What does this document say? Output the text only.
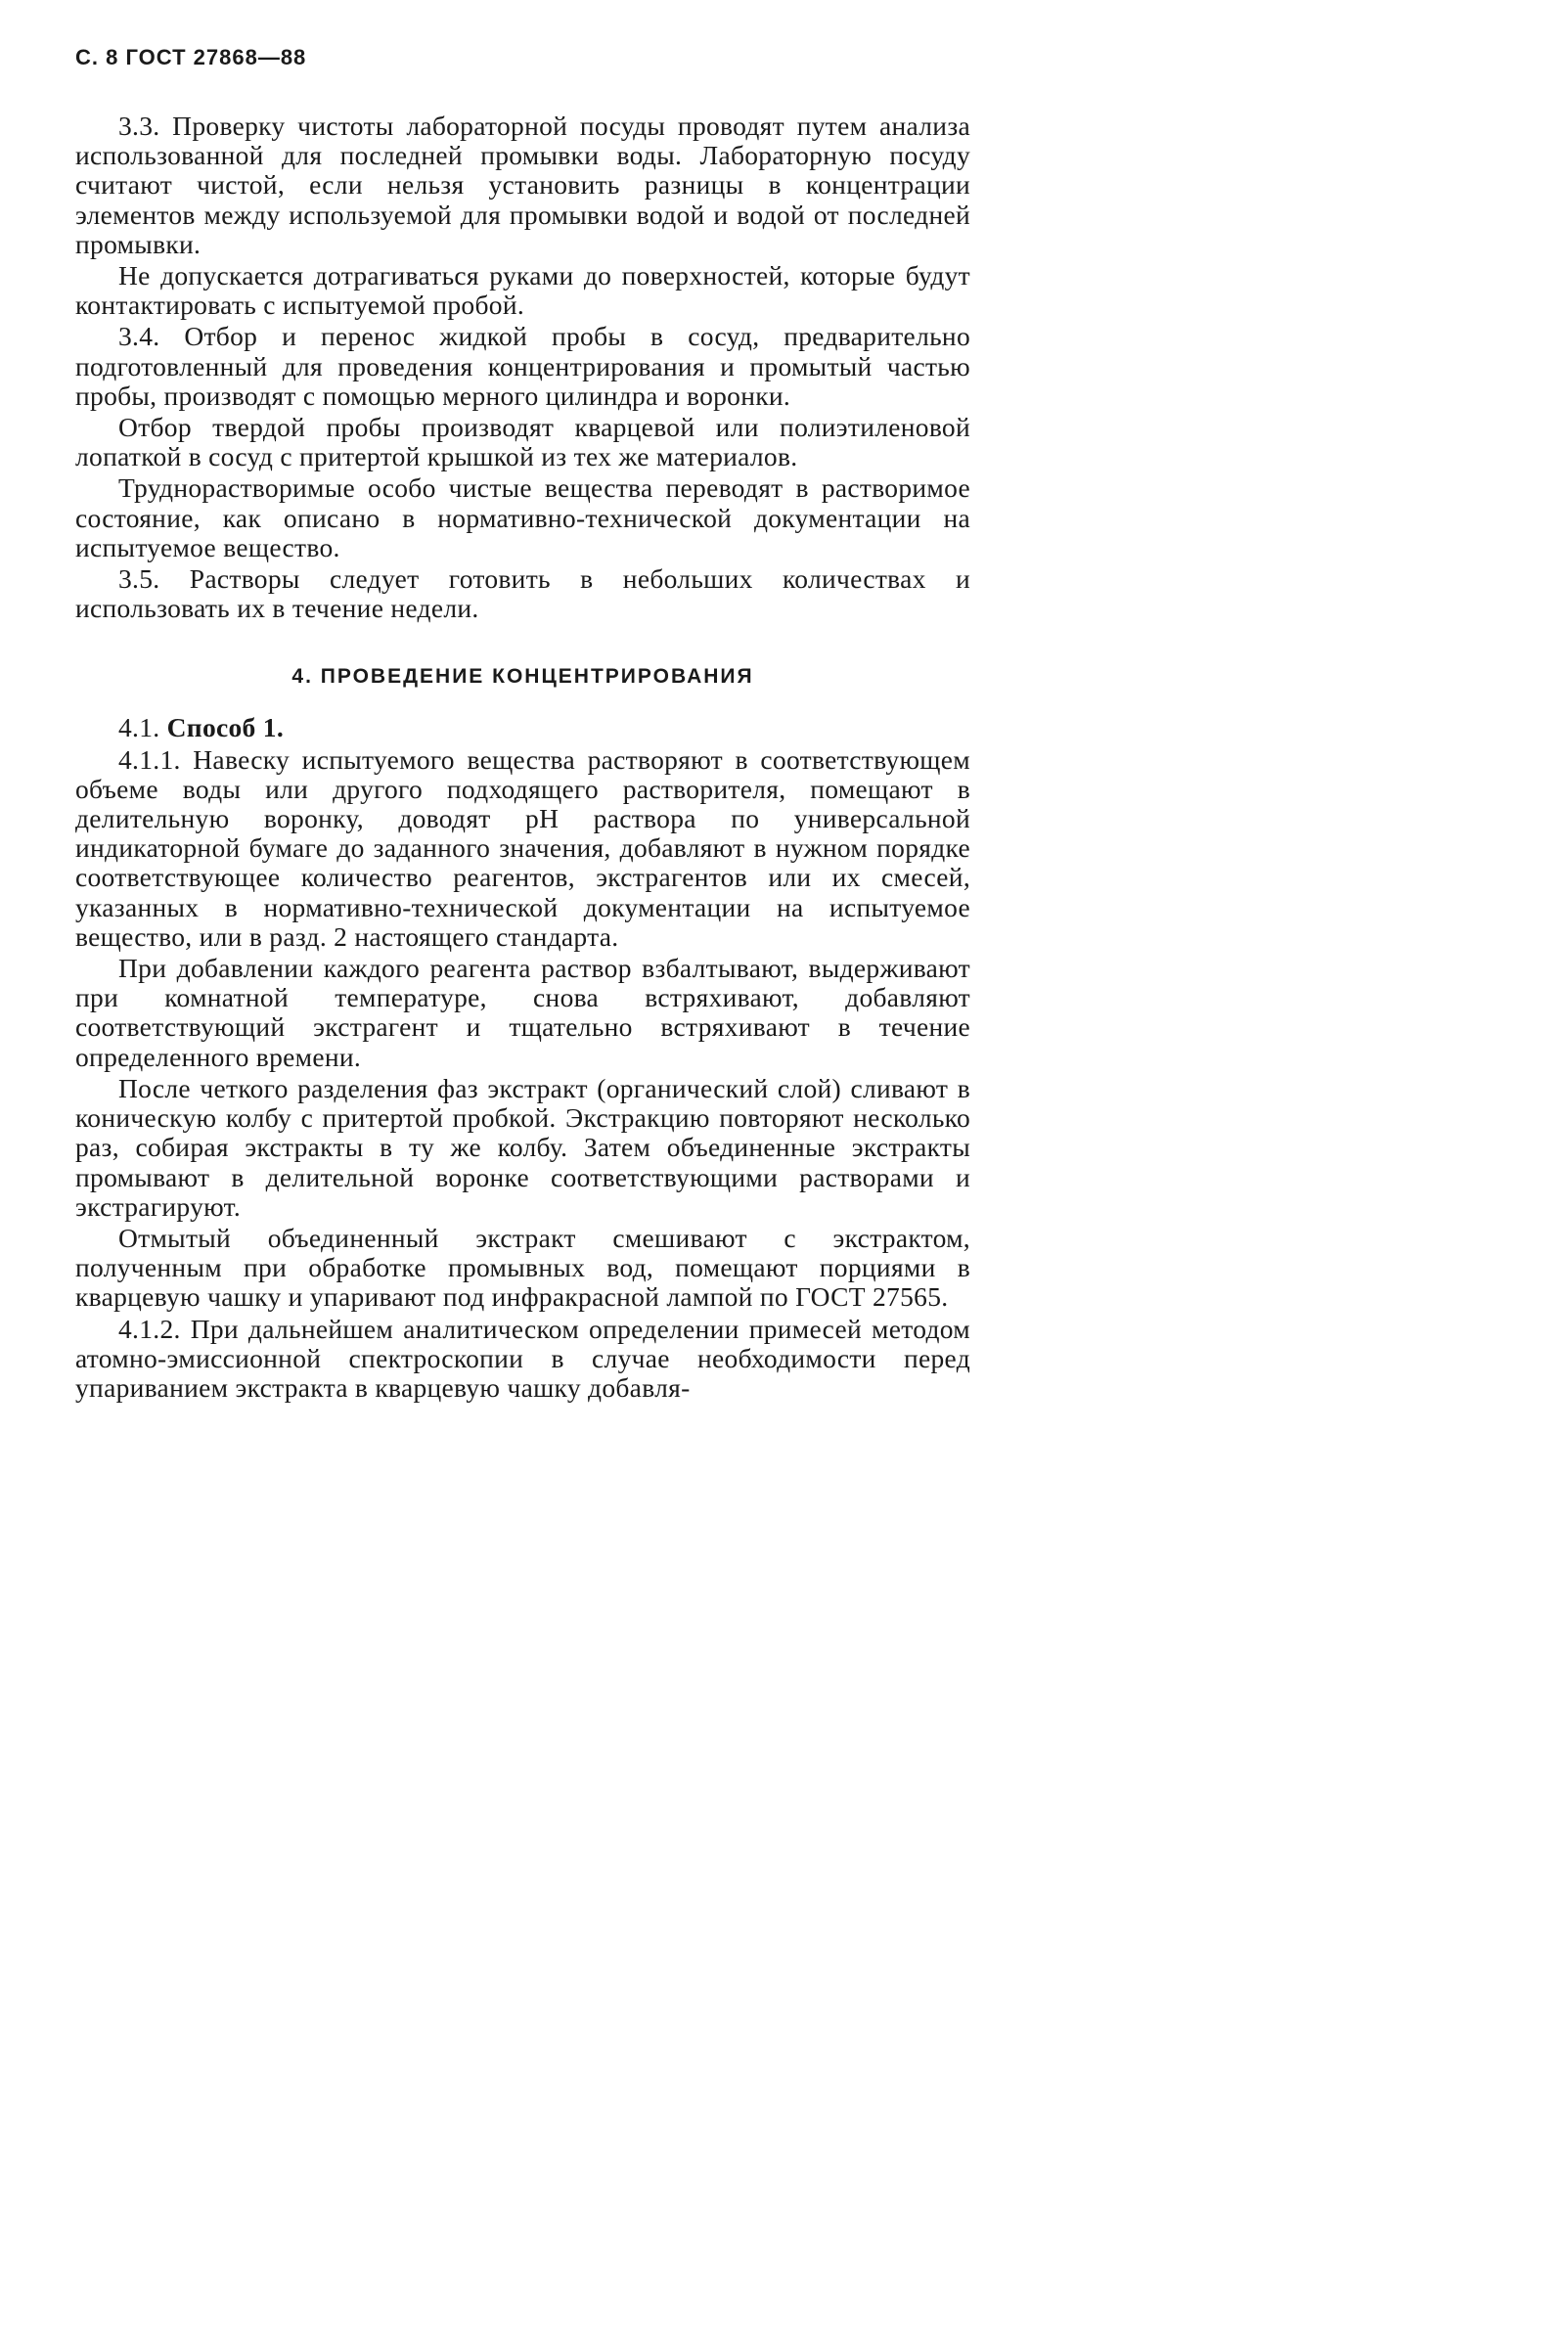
С. 8 ГОСТ 27868—88

3.3. Проверку чистоты лабораторной посуды проводят путем анализа использованной для последней промывки воды. Лабораторную посуду считают чистой, если нельзя установить разницы в концентрации элементов между используемой для промывки водой и водой от последней промывки.

Не допускается дотрагиваться руками до поверхностей, которые будут контактировать с испытуемой пробой.

3.4. Отбор и перенос жидкой пробы в сосуд, предварительно подготовленный для проведения концентрирования и промытый частью пробы, производят с помощью мерного цилиндра и воронки.

Отбор твердой пробы производят кварцевой или полиэтиленовой лопаткой в сосуд с притертой крышкой из тех же материалов.

Труднорастворимые особо чистые вещества переводят в растворимое состояние, как описано в нормативно-технической документации на испытуемое вещество.

3.5. Растворы следует готовить в небольших количествах и использовать их в течение недели.

4. ПРОВЕДЕНИЕ КОНЦЕНТРИРОВАНИЯ

4.1. Способ 1.

4.1.1. Навеску испытуемого вещества растворяют в соответствующем объеме воды или другого подходящего растворителя, помещают в делительную воронку, доводят pH раствора по универсальной индикаторной бумаге до заданного значения, добавляют в нужном порядке соответствующее количество реагентов, экстрагентов или их смесей, указанных в нормативно-технической документации на испытуемое вещество, или в разд. 2 настоящего стандарта.

При добавлении каждого реагента раствор взбалтывают, выдерживают при комнатной температуре, снова встряхивают, добавляют соответствующий экстрагент и тщательно встряхивают в течение определенного времени.

После четкого разделения фаз экстракт (органический слой) сливают в коническую колбу с притертой пробкой. Экстракцию повторяют несколько раз, собирая экстракты в ту же колбу. Затем объединенные экстракты промывают в делительной воронке соответствующими растворами и экстрагируют.

Отмытый объединенный экстракт смешивают с экстрактом, полученным при обработке промывных вод, помещают порциями в кварцевую чашку и упаривают под инфракрасной лампой по ГОСТ 27565.

4.1.2. При дальнейшем аналитическом определении примесей методом атомно-эмиссионной спектроскопии в случае необходимости перед упариванием экстракта в кварцевую чашку добавля-
